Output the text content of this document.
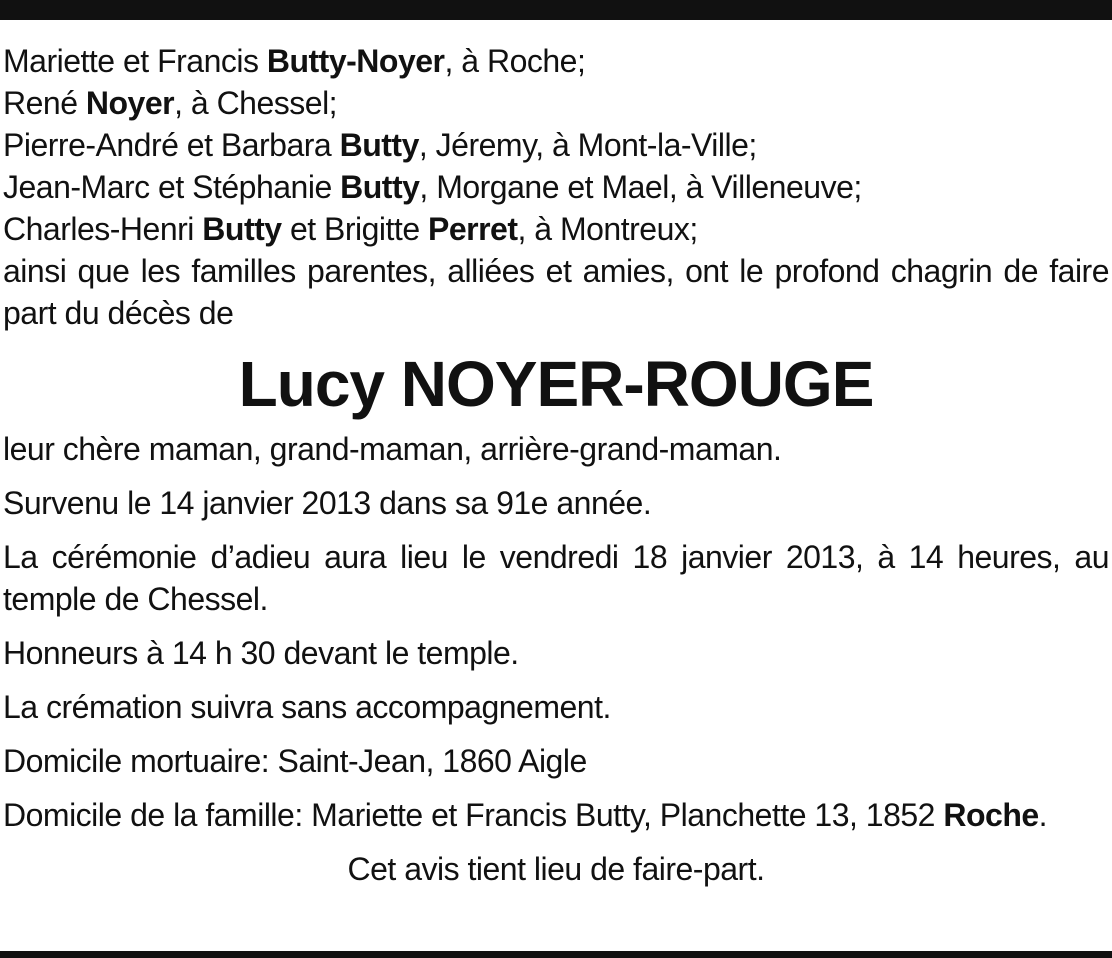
Mariette et Francis Butty-Noyer, à Roche;
René Noyer, à Chessel;
Pierre-André et Barbara Butty, Jéremy, à Mont-la-Ville;
Jean-Marc et Stéphanie Butty, Morgane et Mael, à Villeneuve;
Charles-Henri Butty et Brigitte Perret, à Montreux;
ainsi que les familles parentes, alliées et amies, ont le profond chagrin de faire part du décès de
Lucy NOYER-ROUGE
leur chère maman, grand-maman, arrière-grand-maman.
Survenu le 14 janvier 2013 dans sa 91e année.
La cérémonie d’adieu aura lieu le vendredi 18 janvier 2013, à 14 heures, au temple de Chessel.
Honneurs à 14 h 30 devant le temple.
La crémation suivra sans accompagnement.
Domicile mortuaire: Saint-Jean, 1860 Aigle
Domicile de la famille: Mariette et Francis Butty, Planchette 13, 1852 Roche.
Cet avis tient lieu de faire-part.
